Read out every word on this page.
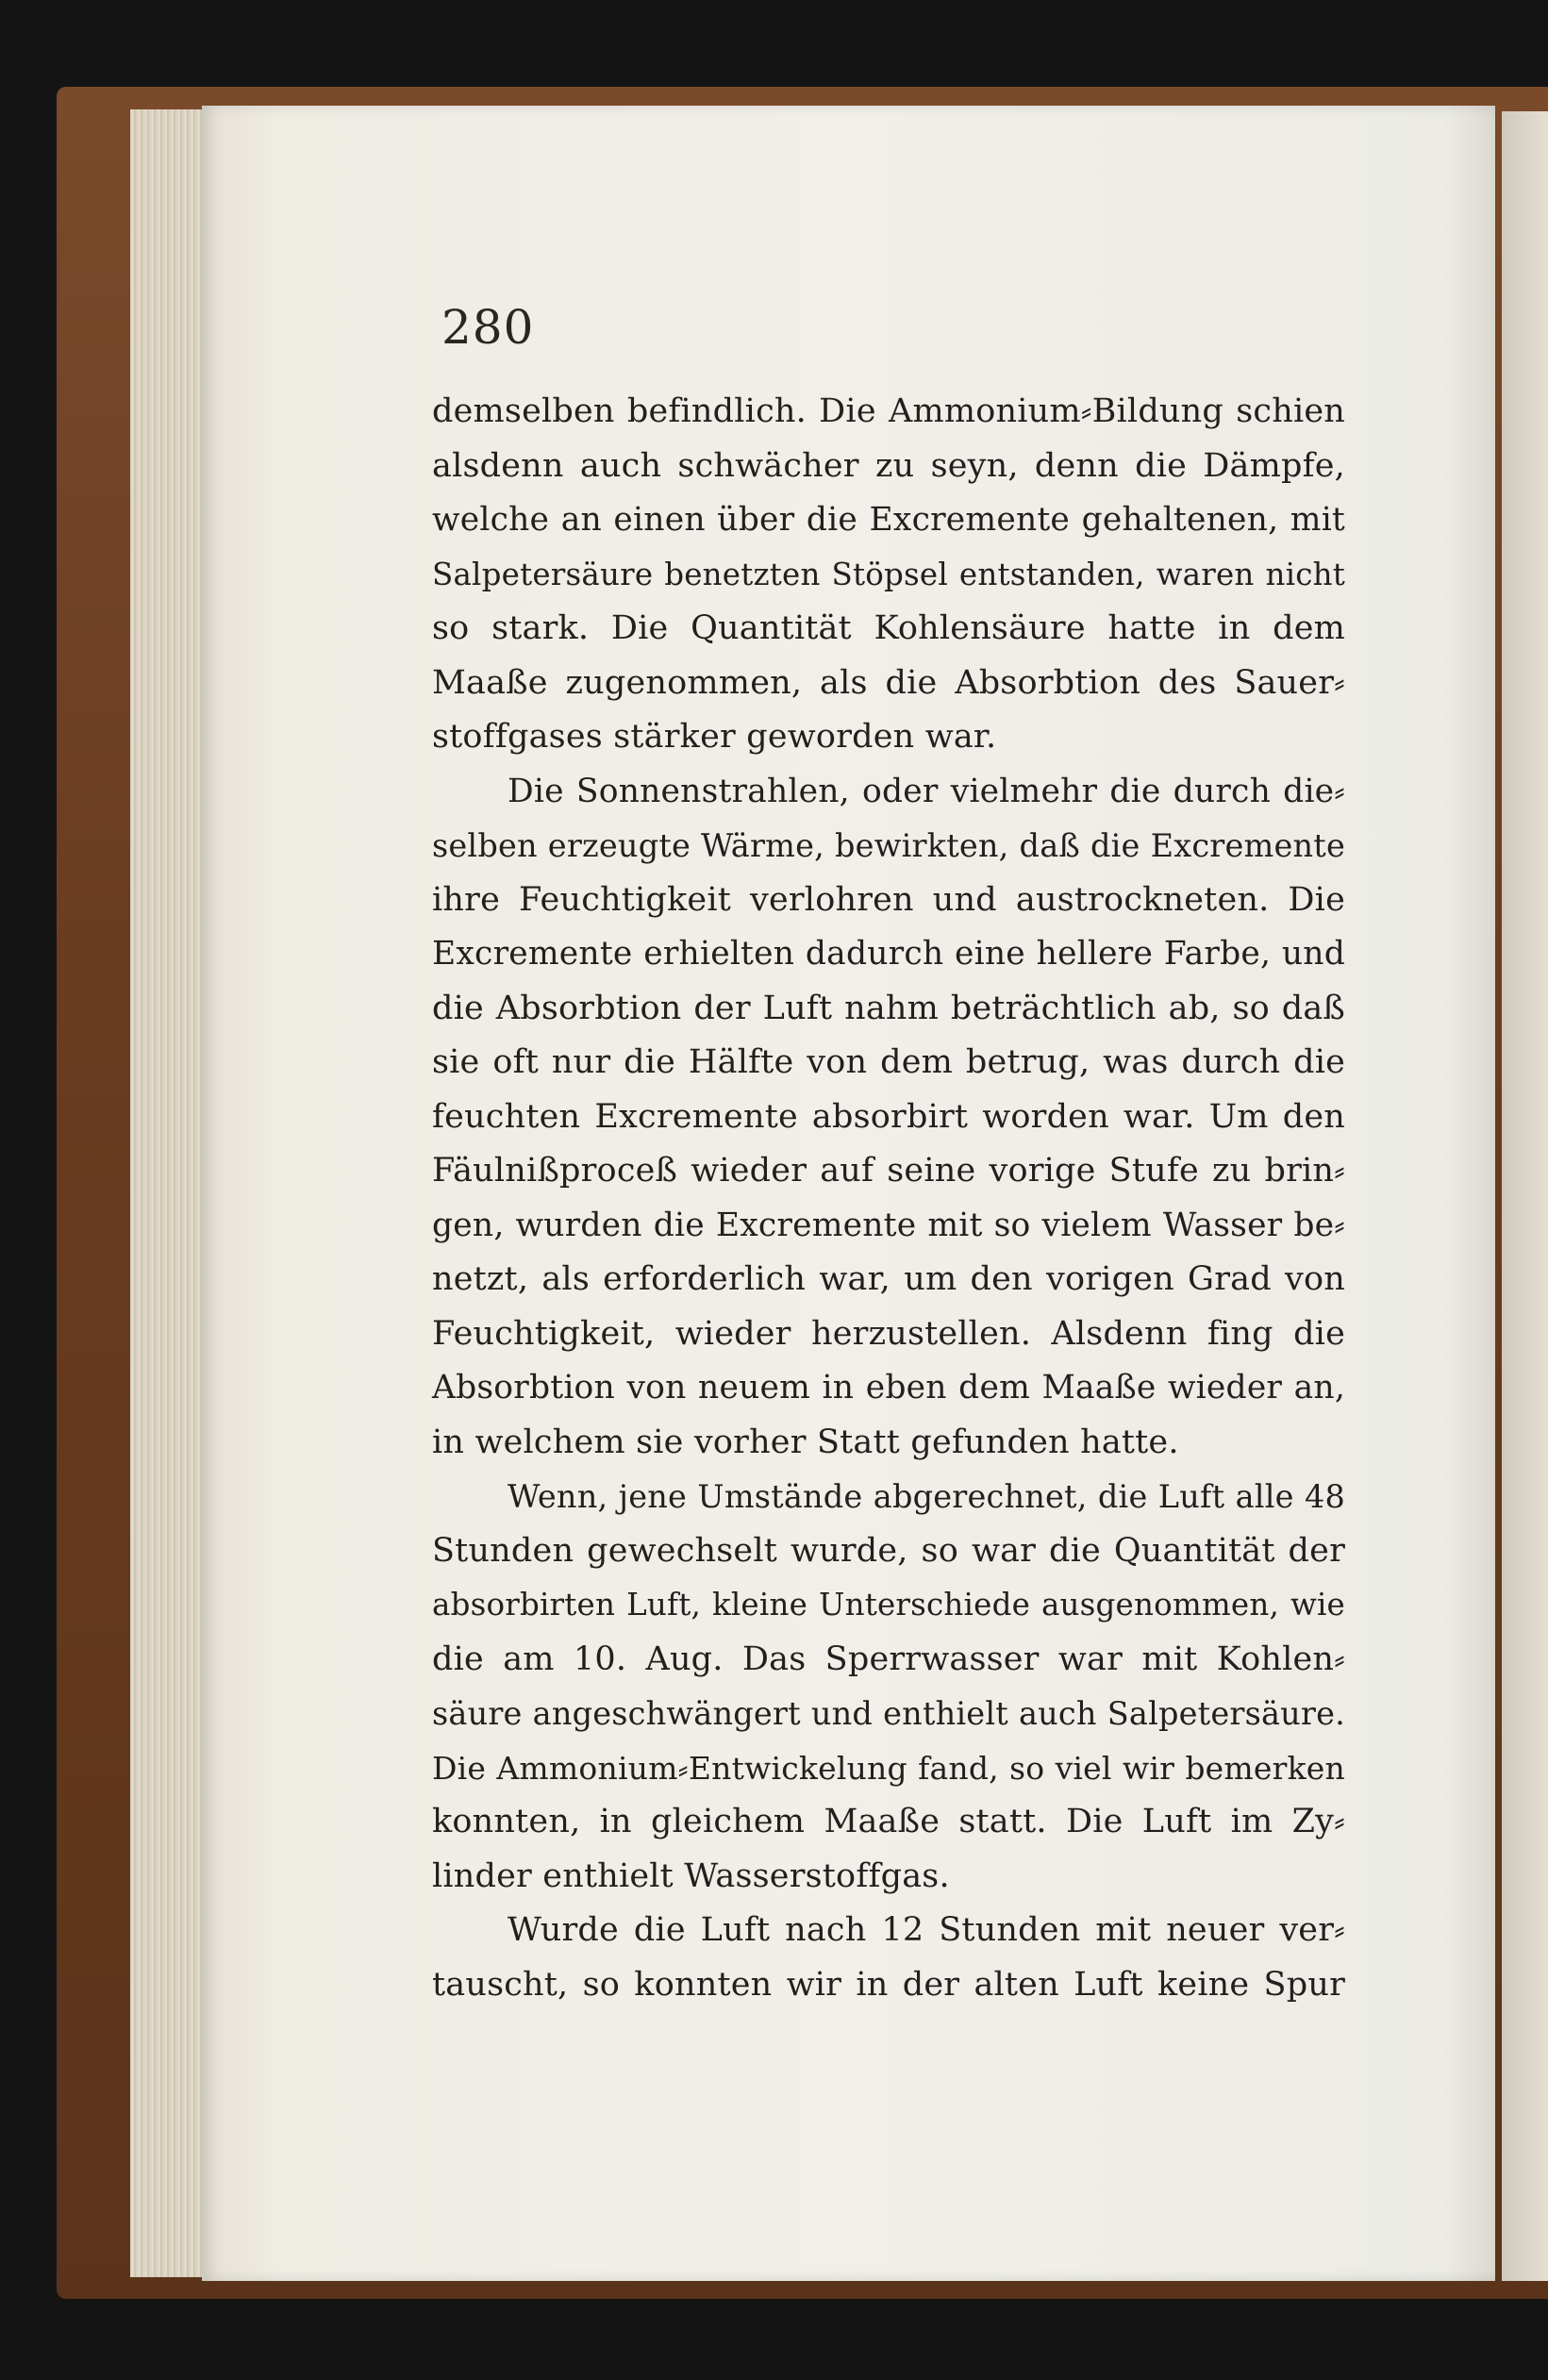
280
demselben befindlich. Die Ammonium⸗Bildung schien
alsdenn auch schwächer zu seyn, denn die Dämpfe,
welche an einen über die Excremente gehaltenen, mit
Salpetersäure benetzten Stöpsel entstanden, waren nicht
so stark. Die Quantität Kohlensäure hatte in dem
Maaße zugenommen, als die Absorbtion des Sauer⸗
stoffgases stärker geworden war.
Die Sonnenstrahlen, oder vielmehr die durch die⸗
selben erzeugte Wärme, bewirkten, daß die Excremente
ihre Feuchtigkeit verlohren und austrockneten. Die
Excremente erhielten dadurch eine hellere Farbe, und
die Absorbtion der Luft nahm beträchtlich ab, so daß
sie oft nur die Hälfte von dem betrug, was durch die
feuchten Excremente absorbirt worden war. Um den
Fäulnißproceß wieder auf seine vorige Stufe zu brin⸗
gen, wurden die Excremente mit so vielem Wasser be⸗
netzt, als erforderlich war, um den vorigen Grad von
Feuchtigkeit, wieder herzustellen. Alsdenn fing die
Absorbtion von neuem in eben dem Maaße wieder an,
in welchem sie vorher Statt gefunden hatte.
Wenn, jene Umstände abgerechnet, die Luft alle 48
Stunden gewechselt wurde, so war die Quantität der
absorbirten Luft, kleine Unterschiede ausgenommen, wie
die am 10. Aug. Das Sperrwasser war mit Kohlen⸗
säure angeschwängert und enthielt auch Salpetersäure.
Die Ammonium⸗Entwickelung fand, so viel wir bemerken
konnten, in gleichem Maaße statt. Die Luft im Zy⸗
linder enthielt Wasserstoffgas.
Wurde die Luft nach 12 Stunden mit neuer ver⸗
tauscht, so konnten wir in der alten Luft keine Spur
